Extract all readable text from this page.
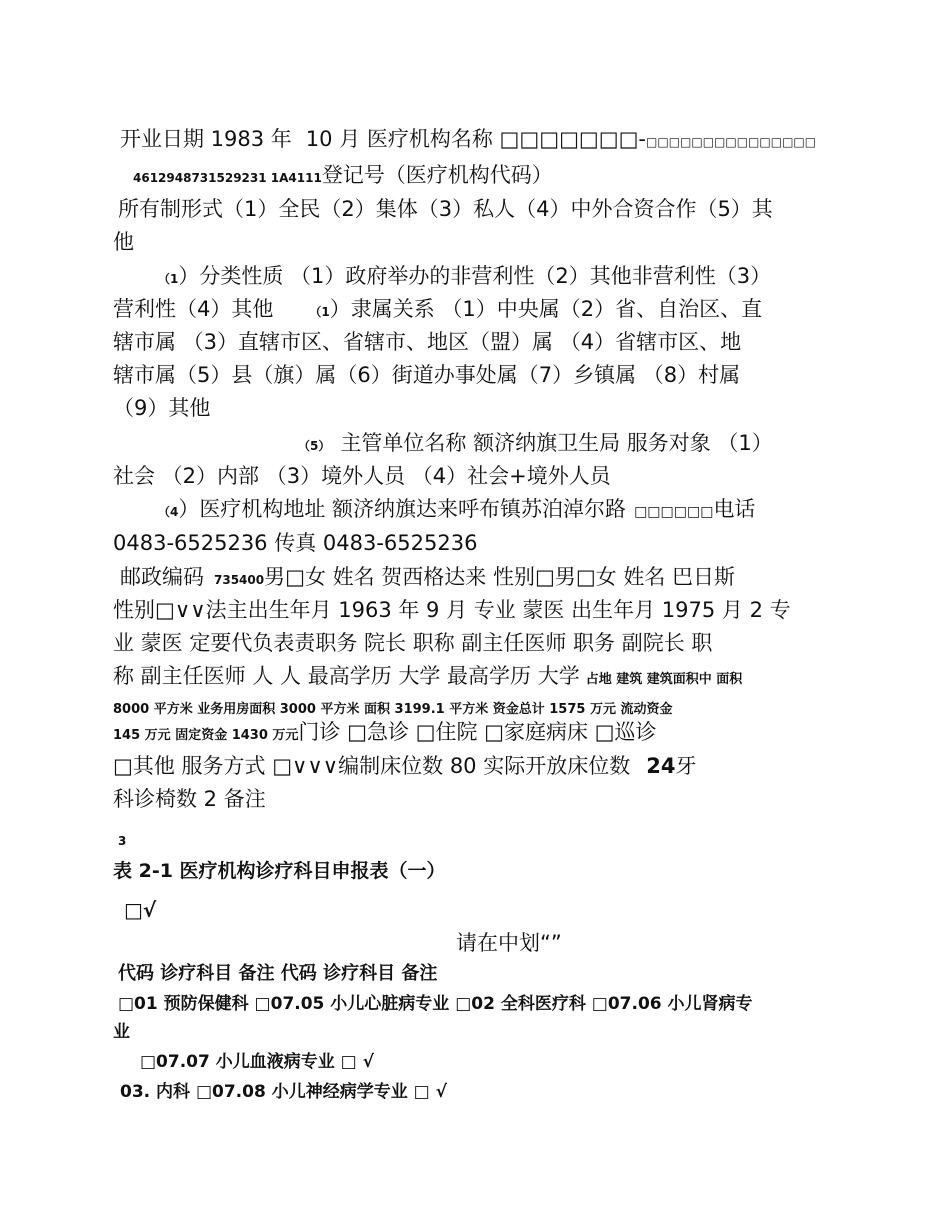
开业日期 1983 年 10 月 医疗机构名称 □□□□□□□-□□□□□□□□□□□□□□□
4612948731529231 1A4111登记号（医疗机构代码）
所有制形式（1）全民（2）集体（3）私人（4）中外合资合作（5）其
他
（1）分类性质 （1）政府举办的非营利性（2）其他非营利性（3）
营利性（4）其他	（1）隶属关系 （1）中央属（2）省、自治区、直
辖市属 （3）直辖市区、省辖市、地区（盟）属 （4）省辖市区、地
辖市属（5）县（旗）属（6）街道办事处属（7）乡镇属 （8）村属
（9）其他
（5） 主管单位名称 额济纳旗卫生局 服务对象 （1）
社会 （2）内部 （3）境外人员 （4）社会+境外人员
（4）医疗机构地址 额济纳旗达来呼布镇苏泊淖尔路 □□□□□□电话
0483-6525236 传真 0483-6525236
邮政编码 735400男□女 姓名 贺西格达来 性别□男□女 姓名 巴日斯
性别□∨∨法主出生年月 1963 年 9 月 专业 蒙医 出生年月 1975 月 2 专
业 蒙医 定要代负表责职务 院长 职称 副主任医师 职务 副院长 职
称 副主任医师 人 人 最高学历 大学 最高学历 大学 占地 建筑 建筑面积中 面积
8000 平方米 业务用房面积 3000 平方米 面积 3199.1 平方米 资金总计 1575 万元 流动资金
145 万元 固定资金 1430 万元门诊 □急诊 □住院 □家庭病床 □巡诊
□其他 服务方式 □∨∨∨编制床位数 80 实际开放床位数 24牙
科诊椅数 2 备注
3
表 2-1 医疗机构诊疗科目申报表（一）
□√
请在中划“”
代码 诊疗科目 备注 代码 诊疗科目 备注
□01 预防保健科 □07.05 小儿心脏病专业 □02 全科医疗科 □07.06 小儿肾病专
业
□07.07 小儿血液病专业 □ √
03. 内科 □07.08 小儿神经病学专业 □ √
